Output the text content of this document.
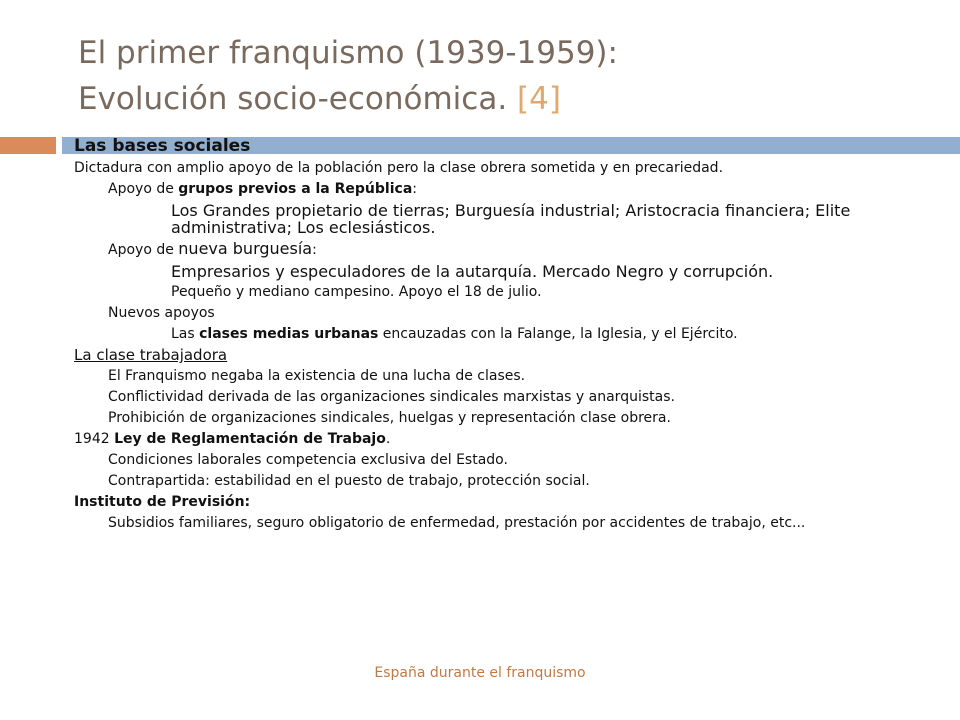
El primer franquismo (1939-1959):
Evolución socio-económica. [4]
Las bases sociales

Dictadura con amplio apoyo de la población pero la clase obrera sometida y en precariedad.

Apoyo de grupos previos a la República:

Los Grandes propietario de tierras; Burguesía industrial; Aristocracia financiera; Elite administrativa; Los eclesiásticos.

Apoyo de nueva burguesía:

Empresarios y especuladores de la autarquía. Mercado Negro y corrupción.

Pequeño y mediano campesino. Apoyo el 18 de julio.

Nuevos apoyos

Las clases medias urbanas encauzadas con la Falange, la Iglesia, y el Ejército.

La clase trabajadora

El Franquismo negaba la existencia de una lucha de clases.

Conflictividad derivada de las organizaciones sindicales marxistas y anarquistas.

Prohibición de organizaciones sindicales, huelgas y representación clase obrera.

1942 Ley de Reglamentación de Trabajo.

Condiciones laborales competencia exclusiva del Estado.

Contrapartida: estabilidad en el puesto de trabajo, protección social.

Instituto de Previsión:

Subsidios familiares, seguro obligatorio de enfermedad, prestación por accidentes de trabajo, etc...

España durante el franquismo
